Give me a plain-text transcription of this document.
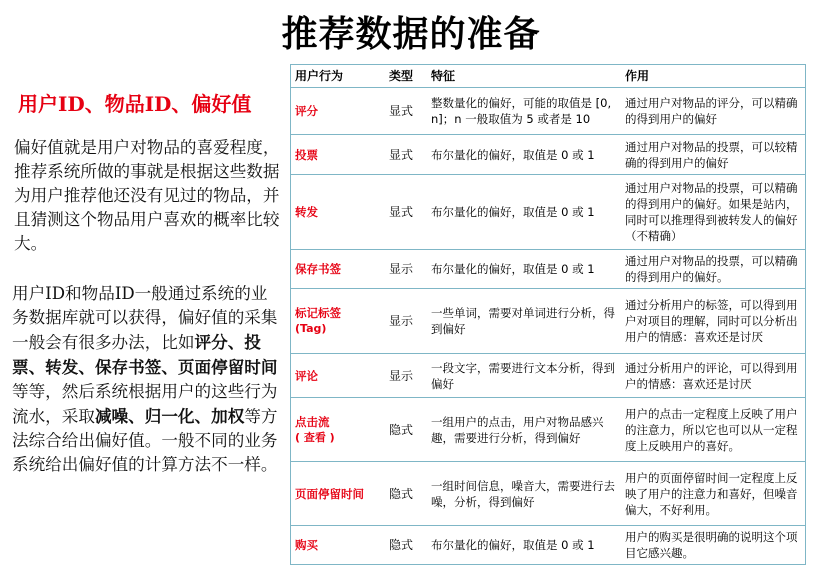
推荐数据的准备
用户ID、物品ID、偏好值
偏好值就是用户对物品的喜爱程度，推荐系统所做的事就是根据这些数据为用户推荐他还没有见过的物品，并且猜测这个物品用户喜欢的概率比较大。
用户ID和物品ID一般通过系统的业务数据库就可以获得，偏好值的采集一般会有很多办法，比如评分、投票、转发、保存书签、页面停留时间等等，然后系统根据用户的这些行为流水，采取减噪、归一化、加权等方法综合给出偏好值。一般不同的业务系统给出偏好值的计算方法不一样。
用户行为	类型	特征	作用
评分	显式	整数量化的偏好，可能的取值是 [0, n]；n 一般取值为 5 或者是 10	通过用户对物品的评分，可以精确的得到用户的偏好
投票	显式	布尔量化的偏好，取值是 0 或 1	通过用户对物品的投票，可以较精确的得到用户的偏好
转发	显式	布尔量化的偏好，取值是 0 或 1	通过用户对物品的投票，可以精确的得到用户的偏好。如果是站内，同时可以推理得到被转发人的偏好（不精确）
保存书签	显示	布尔量化的偏好，取值是 0 或 1	通过用户对物品的投票，可以精确的得到用户的偏好。
标记标签
(Tag)	显示	一些单词，需要对单词进行分析，得到偏好	通过分析用户的标签，可以得到用户对项目的理解，同时可以分析出用户的情感：喜欢还是讨厌
评论	显示	一段文字，需要进行文本分析，得到偏好	通过分析用户的评论，可以得到用户的情感：喜欢还是讨厌
点击流
( 查看 )	隐式	一组用户的点击，用户对物品感兴趣，需要进行分析，得到偏好	用户的点击一定程度上反映了用户的注意力，所以它也可以从一定程度上反映用户的喜好。
页面停留时间	隐式	一组时间信息，噪音大，需要进行去噪，分析，得到偏好	用户的页面停留时间一定程度上反映了用户的注意力和喜好，但噪音偏大，不好利用。
购买	隐式	布尔量化的偏好，取值是 0 或 1	用户的购买是很明确的说明这个项目它感兴趣。
